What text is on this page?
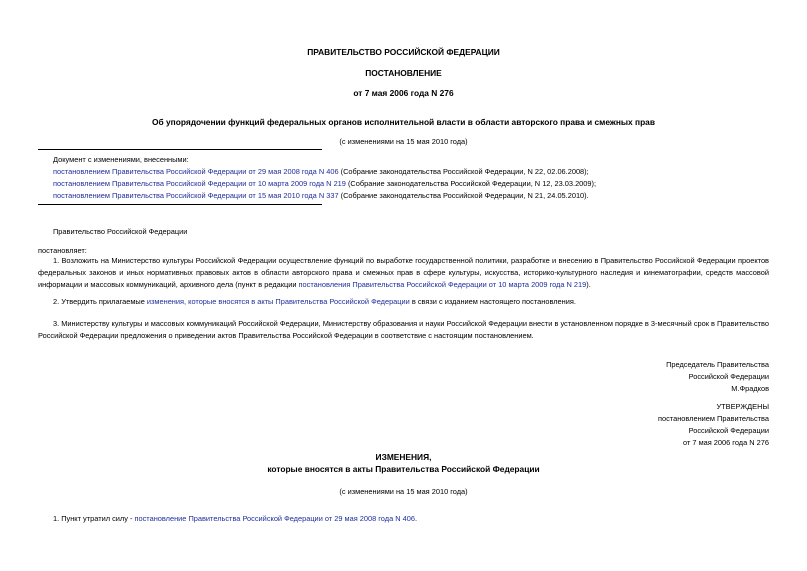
ПРАВИТЕЛЬСТВО РОССИЙСКОЙ ФЕДЕРАЦИИ
ПОСТАНОВЛЕНИЕ
от 7 мая 2006 года N 276
Об упорядочении функций федеральных органов исполнительной власти в области авторского права и смежных прав
(с изменениями на 15 мая 2010 года)
Документ с изменениями, внесенными:
постановлением Правительства Российской Федерации от 29 мая 2008 года N 406 (Собрание законодательства Российской Федерации, N 22, 02.06.2008);
постановлением Правительства Российской Федерации от 10 марта 2009 года N 219 (Собрание законодательства Российской Федерации, N 12, 23.03.2009);
постановлением Правительства Российской Федерации от 15 мая 2010 года N 337 (Собрание законодательства Российской Федерации, N 21, 24.05.2010).
Правительство Российской Федерации
постановляет:
1. Возложить на Министерство культуры Российской Федерации осуществление функций по выработке государственной политики, разработке и внесению в Правительство Российской Федерации проектов федеральных законов и иных нормативных правовых актов в области авторского права и смежных прав в сфере культуры, искусства, историко-культурного наследия и кинематографии, средств массовой информации и массовых коммуникаций, архивного дела (пункт в редакции постановления Правительства Российской Федерации от 10 марта 2009 года N 219).
2. Утвердить прилагаемые изменения, которые вносятся в акты Правительства Российской Федерации в связи с изданием настоящего постановления.
3. Министерству культуры и массовых коммуникаций Российской Федерации, Министерству образования и науки Российской Федерации внести в установленном порядке в 3-месячный срок в Правительство Российской Федерации предложения о приведении актов Правительства Российской Федерации в соответствие с настоящим постановлением.
Председатель Правительства
Российской Федерации
М.Фрадков
УТВЕРЖДЕНЫ
постановлением Правительства
Российской Федерации
от 7 мая 2006 года N 276
ИЗМЕНЕНИЯ,
которые вносятся в акты Правительства Российской Федерации
(с изменениями на 15 мая 2010 года)
1. Пункт утратил силу - постановление Правительства Российской Федерации от 29 мая 2008 года N 406.
